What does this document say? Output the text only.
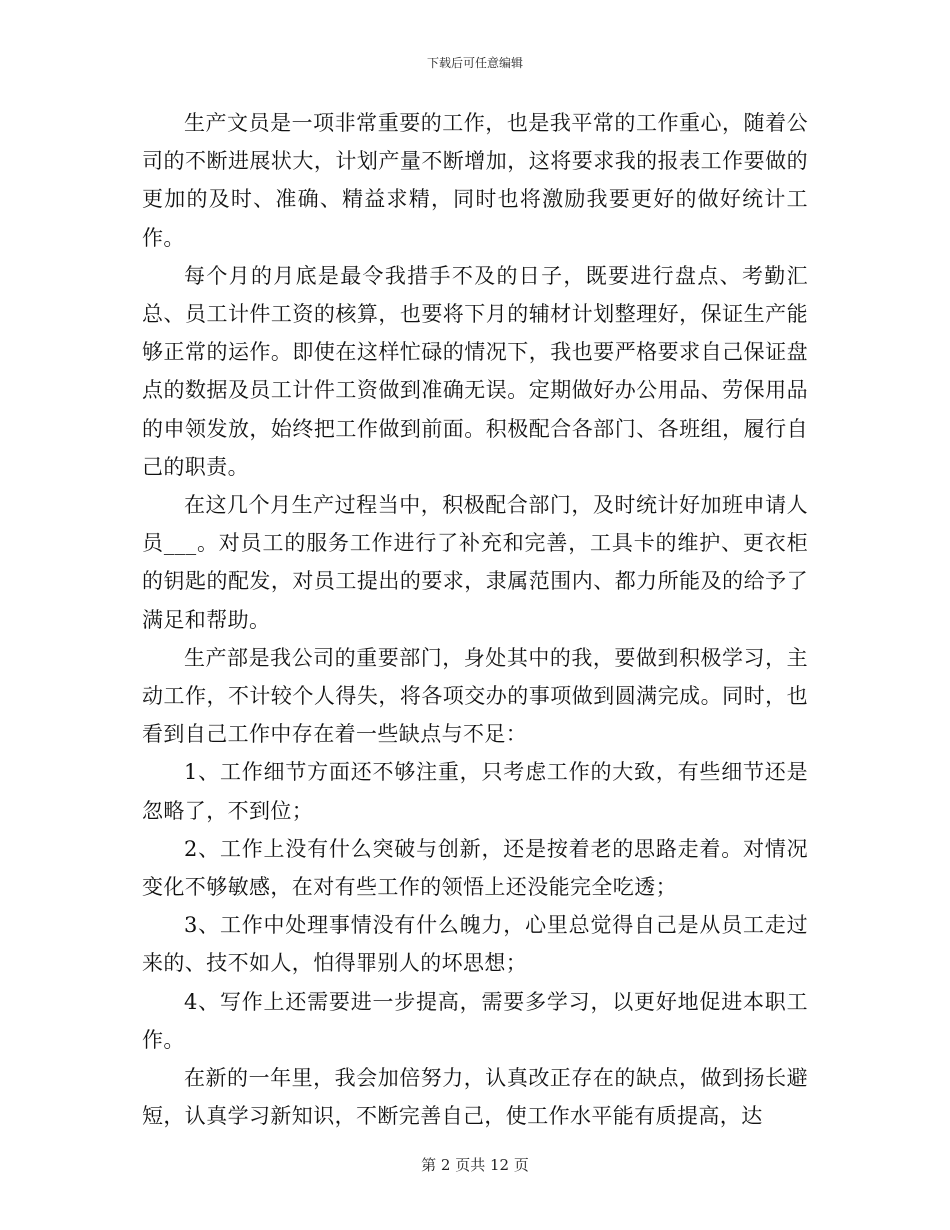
下载后可任意编辑

生产文员是一项非常重要的工作，也是我平常的工作重心，随着公司的不断进展状大，计划产量不断增加，这将要求我的报表工作要做的更加的及时、准确、精益求精，同时也将激励我要更好的做好统计工作。

每个月的月底是最令我措手不及的日子，既要进行盘点、考勤汇总、员工计件工资的核算，也要将下月的辅材计划整理好，保证生产能够正常的运作。即使在这样忙碌的情况下，我也要严格要求自己保证盘点的数据及员工计件工资做到准确无误。定期做好办公用品、劳保用品的申领发放，始终把工作做到前面。积极配合各部门、各班组，履行自己的职责。

在这几个月生产过程当中，积极配合部门，及时统计好加班申请人员___。对员工的服务工作进行了补充和完善，工具卡的维护、更衣柜的钥匙的配发，对员工提出的要求，隶属范围内、都力所能及的给予了满足和帮助。

生产部是我公司的重要部门，身处其中的我，要做到积极学习，主动工作，不计较个人得失，将各项交办的事项做到圆满完成。同时，也看到自己工作中存在着一些缺点与不足：

1、工作细节方面还不够注重，只考虑工作的大致，有些细节还是忽略了，不到位；

2、工作上没有什么突破与创新，还是按着老的思路走着。对情况变化不够敏感，在对有些工作的领悟上还没能完全吃透；

3、工作中处理事情没有什么魄力，心里总觉得自己是从员工走过来的、技不如人，怕得罪别人的坏思想；

4、写作上还需要进一步提高，需要多学习，以更好地促进本职工作。

在新的一年里，我会加倍努力，认真改正存在的缺点，做到扬长避短，认真学习新知识，不断完善自己，使工作水平能有质提高，达

第 2 页共 12 页
